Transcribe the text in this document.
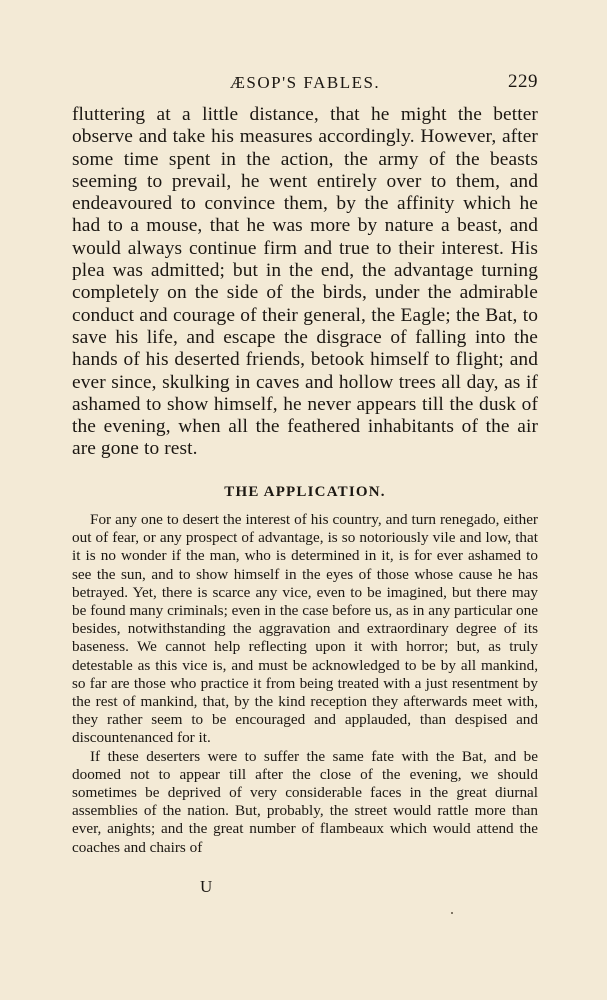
ÆSOP'S FABLES.	229
fluttering at a little distance, that he might the better observe and take his measures accordingly. However, after some time spent in the action, the army of the beasts seeming to prevail, he went entirely over to them, and endeavoured to convince them, by the affinity which he had to a mouse, that he was more by nature a beast, and would always continue firm and true to their interest. His plea was admitted; but in the end, the advantage turning completely on the side of the birds, under the admirable conduct and courage of their general, the Eagle; the Bat, to save his life, and escape the disgrace of falling into the hands of his deserted friends, betook himself to flight; and ever since, skulking in caves and hollow trees all day, as if ashamed to show himself, he never appears till the dusk of the evening, when all the feathered inhabitants of the air are gone to rest.
THE APPLICATION.

For any one to desert the interest of his country, and turn renegado, either out of fear, or any prospect of advantage, is so notoriously vile and low, that it is no wonder if the man, who is determined in it, is for ever ashamed to see the sun, and to show himself in the eyes of those whose cause he has betrayed. Yet, there is scarce any vice, even to be imagined, but there may be found many criminals; even in the case before us, as in any particular one besides, notwithstanding the aggravation and extraordinary degree of its baseness. We cannot help reflecting upon it with horror; but, as truly detestable as this vice is, and must be acknowledged to be by all mankind, so far are those who practice it from being treated with a just resentment by the rest of mankind, that, by the kind reception they afterwards meet with, they rather seem to be encouraged and applauded, than despised and discountenanced for it.

If these deserters were to suffer the same fate with the Bat, and be doomed not to appear till after the close of the evening, we should sometimes be deprived of very considerable faces in the great diurnal assemblies of the nation. But, probably, the street would rattle more than ever, anights; and the great number of flambeaux which would attend the coaches and chairs of

U
